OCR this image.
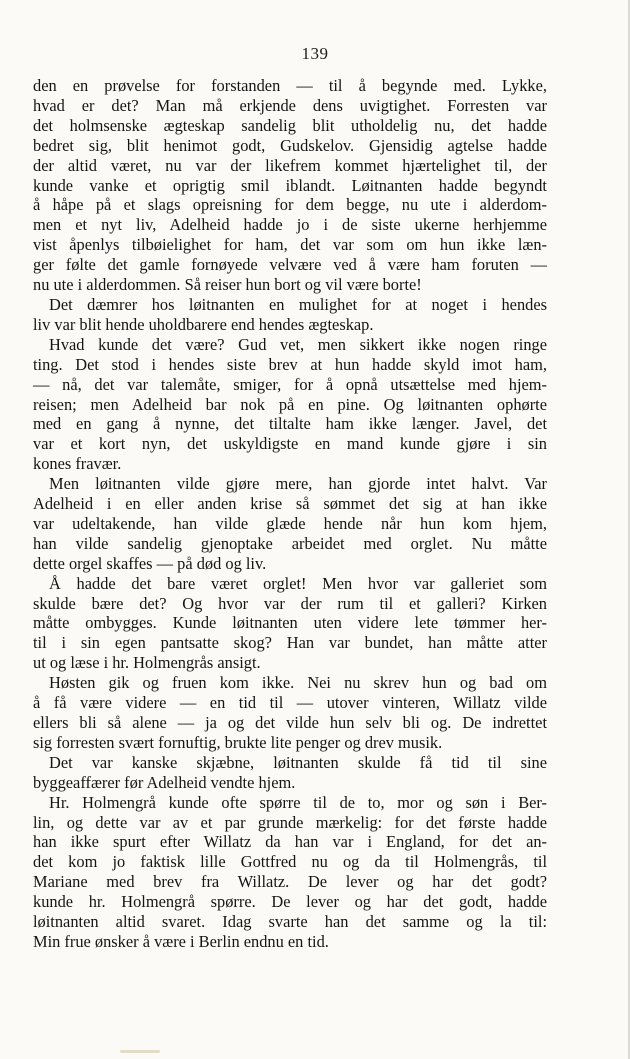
139
den en prøvelse for forstanden — til å begynde med. Lykke,
hvad er det? Man må erkjende dens uvigtighet. Forresten var
det holmsenske ægteskap sandelig blit utholdelig nu, det hadde
bedret sig, blit henimot godt, Gudskelov. Gjensidig agtelse hadde
der altid været, nu var der likefrem kommet hjærtelighet til, der
kunde vanke et oprigtig smil iblandt. Løitnanten hadde begyndt
å håpe på et slags opreisning for dem begge, nu ute i alderdom-
men et nyt liv, Adelheid hadde jo i de siste ukerne herhjemme
vist åpenlys tilbøielighet for ham, det var som om hun ikke læn-
ger følte det gamle fornøyede velvære ved å være ham foruten —
nu ute i alderdommen. Så reiser hun bort og vil være borte!
Det dæmrer hos løitnanten en mulighet for at noget i hendes
liv var blit hende uholdbarere end hendes ægteskap.
Hvad kunde det være? Gud vet, men sikkert ikke nogen ringe
ting. Det stod i hendes siste brev at hun hadde skyld imot ham,
— nå, det var talemåte, smiger, for å opnå utsættelse med hjem-
reisen; men Adelheid bar nok på en pine. Og løitnanten ophørte
med en gang å nynne, det tiltalte ham ikke længer. Javel, det
var et kort nyn, det uskyldigste en mand kunde gjøre i sin
kones fravær.
Men løitnanten vilde gjøre mere, han gjorde intet halvt. Var
Adelheid i en eller anden krise så sømmet det sig at han ikke
var udeltakende, han vilde glæde hende når hun kom hjem,
han vilde sandelig gjenoptake arbeidet med orglet. Nu måtte
dette orgel skaffes — på død og liv.
Å hadde det bare været orglet! Men hvor var galleriet som
skulde bære det? Og hvor var der rum til et galleri? Kirken
måtte ombygges. Kunde løitnanten uten videre lete tømmer her-
til i sin egen pantsatte skog? Han var bundet, han måtte atter
ut og læse i hr. Holmengrås ansigt.
Høsten gik og fruen kom ikke. Nei nu skrev hun og bad om
å få være videre — en tid til — utover vinteren, Willatz vilde
ellers bli så alene — ja og det vilde hun selv bli og. De indrettet
sig forresten svært fornuftig, brukte lite penger og drev musik.
Det var kanske skjæbne, løitnanten skulde få tid til sine
byggeaffærer før Adelheid vendte hjem.
Hr. Holmengrå kunde ofte spørre til de to, mor og søn i Ber-
lin, og dette var av et par grunde mærkelig: for det første hadde
han ikke spurt efter Willatz da han var i England, for det an-
det kom jo faktisk lille Gottfred nu og da til Holmengrås, til
Mariane med brev fra Willatz. De lever og har det godt?
kunde hr. Holmengrå spørre. De lever og har det godt, hadde
løitnanten altid svaret. Idag svarte han det samme og la til:
Min frue ønsker å være i Berlin endnu en tid.
